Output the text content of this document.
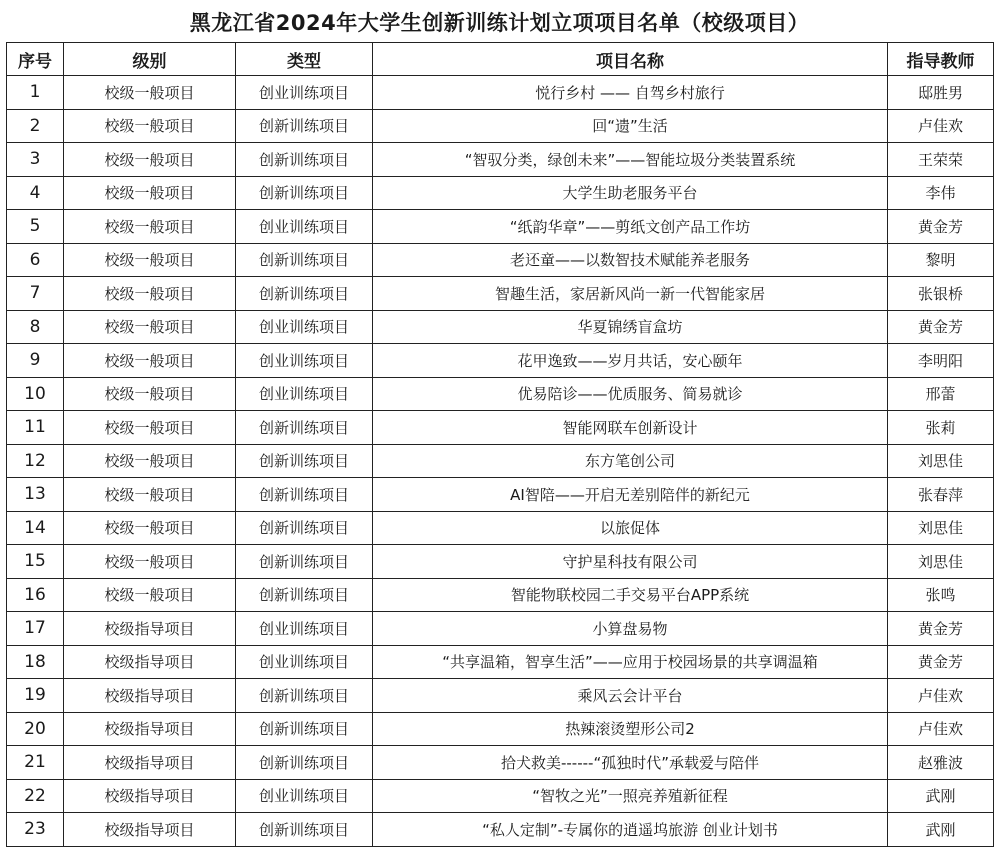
黑龙江省2024年大学生创新训练计划立项项目名单（校级项目）
序号	级别	类型	项目名称	指导教师
1	校级一般项目	创业训练项目	悦行乡村 —— 自驾乡村旅行	邸胜男
2	校级一般项目	创新训练项目	回“遗”生活	卢佳欢
3	校级一般项目	创新训练项目	“智驭分类，绿创未来”——智能垃圾分类装置系统	王荣荣
4	校级一般项目	创新训练项目	大学生助老服务平台	李伟
5	校级一般项目	创业训练项目	“纸韵华章”——剪纸文创产品工作坊	黄金芳
6	校级一般项目	创新训练项目	老还童——以数智技术赋能养老服务	黎明
7	校级一般项目	创新训练项目	智趣生活，家居新风尚一新一代智能家居	张银桥
8	校级一般项目	创业训练项目	华夏锦绣盲盒坊	黄金芳
9	校级一般项目	创业训练项目	花甲逸致——岁月共话，安心颐年	李明阳
10	校级一般项目	创业训练项目	优易陪诊——优质服务、简易就诊	邢蕾
11	校级一般项目	创新训练项目	智能网联车创新设计	张莉
12	校级一般项目	创新训练项目	东方笔创公司	刘思佳
13	校级一般项目	创新训练项目	AI智陪——开启无差别陪伴的新纪元	张春萍
14	校级一般项目	创新训练项目	以旅促体	刘思佳
15	校级一般项目	创新训练项目	守护星科技有限公司	刘思佳
16	校级一般项目	创新训练项目	智能物联校园二手交易平台APP系统	张鸣
17	校级指导项目	创业训练项目	小算盘易物	黄金芳
18	校级指导项目	创业训练项目	“共享温箱，智享生活”——应用于校园场景的共享调温箱	黄金芳
19	校级指导项目	创新训练项目	乘风云会计平台	卢佳欢
20	校级指导项目	创新训练项目	热辣滚烫塑形公司2	卢佳欢
21	校级指导项目	创新训练项目	拾犬救美------“孤独时代”承载爱与陪伴	赵雅波
22	校级指导项目	创业训练项目	“智牧之光”一照亮养殖新征程	武刚
23	校级指导项目	创新训练项目	“私人定制”-专属你的逍遥坞旅游 创业计划书	武刚
